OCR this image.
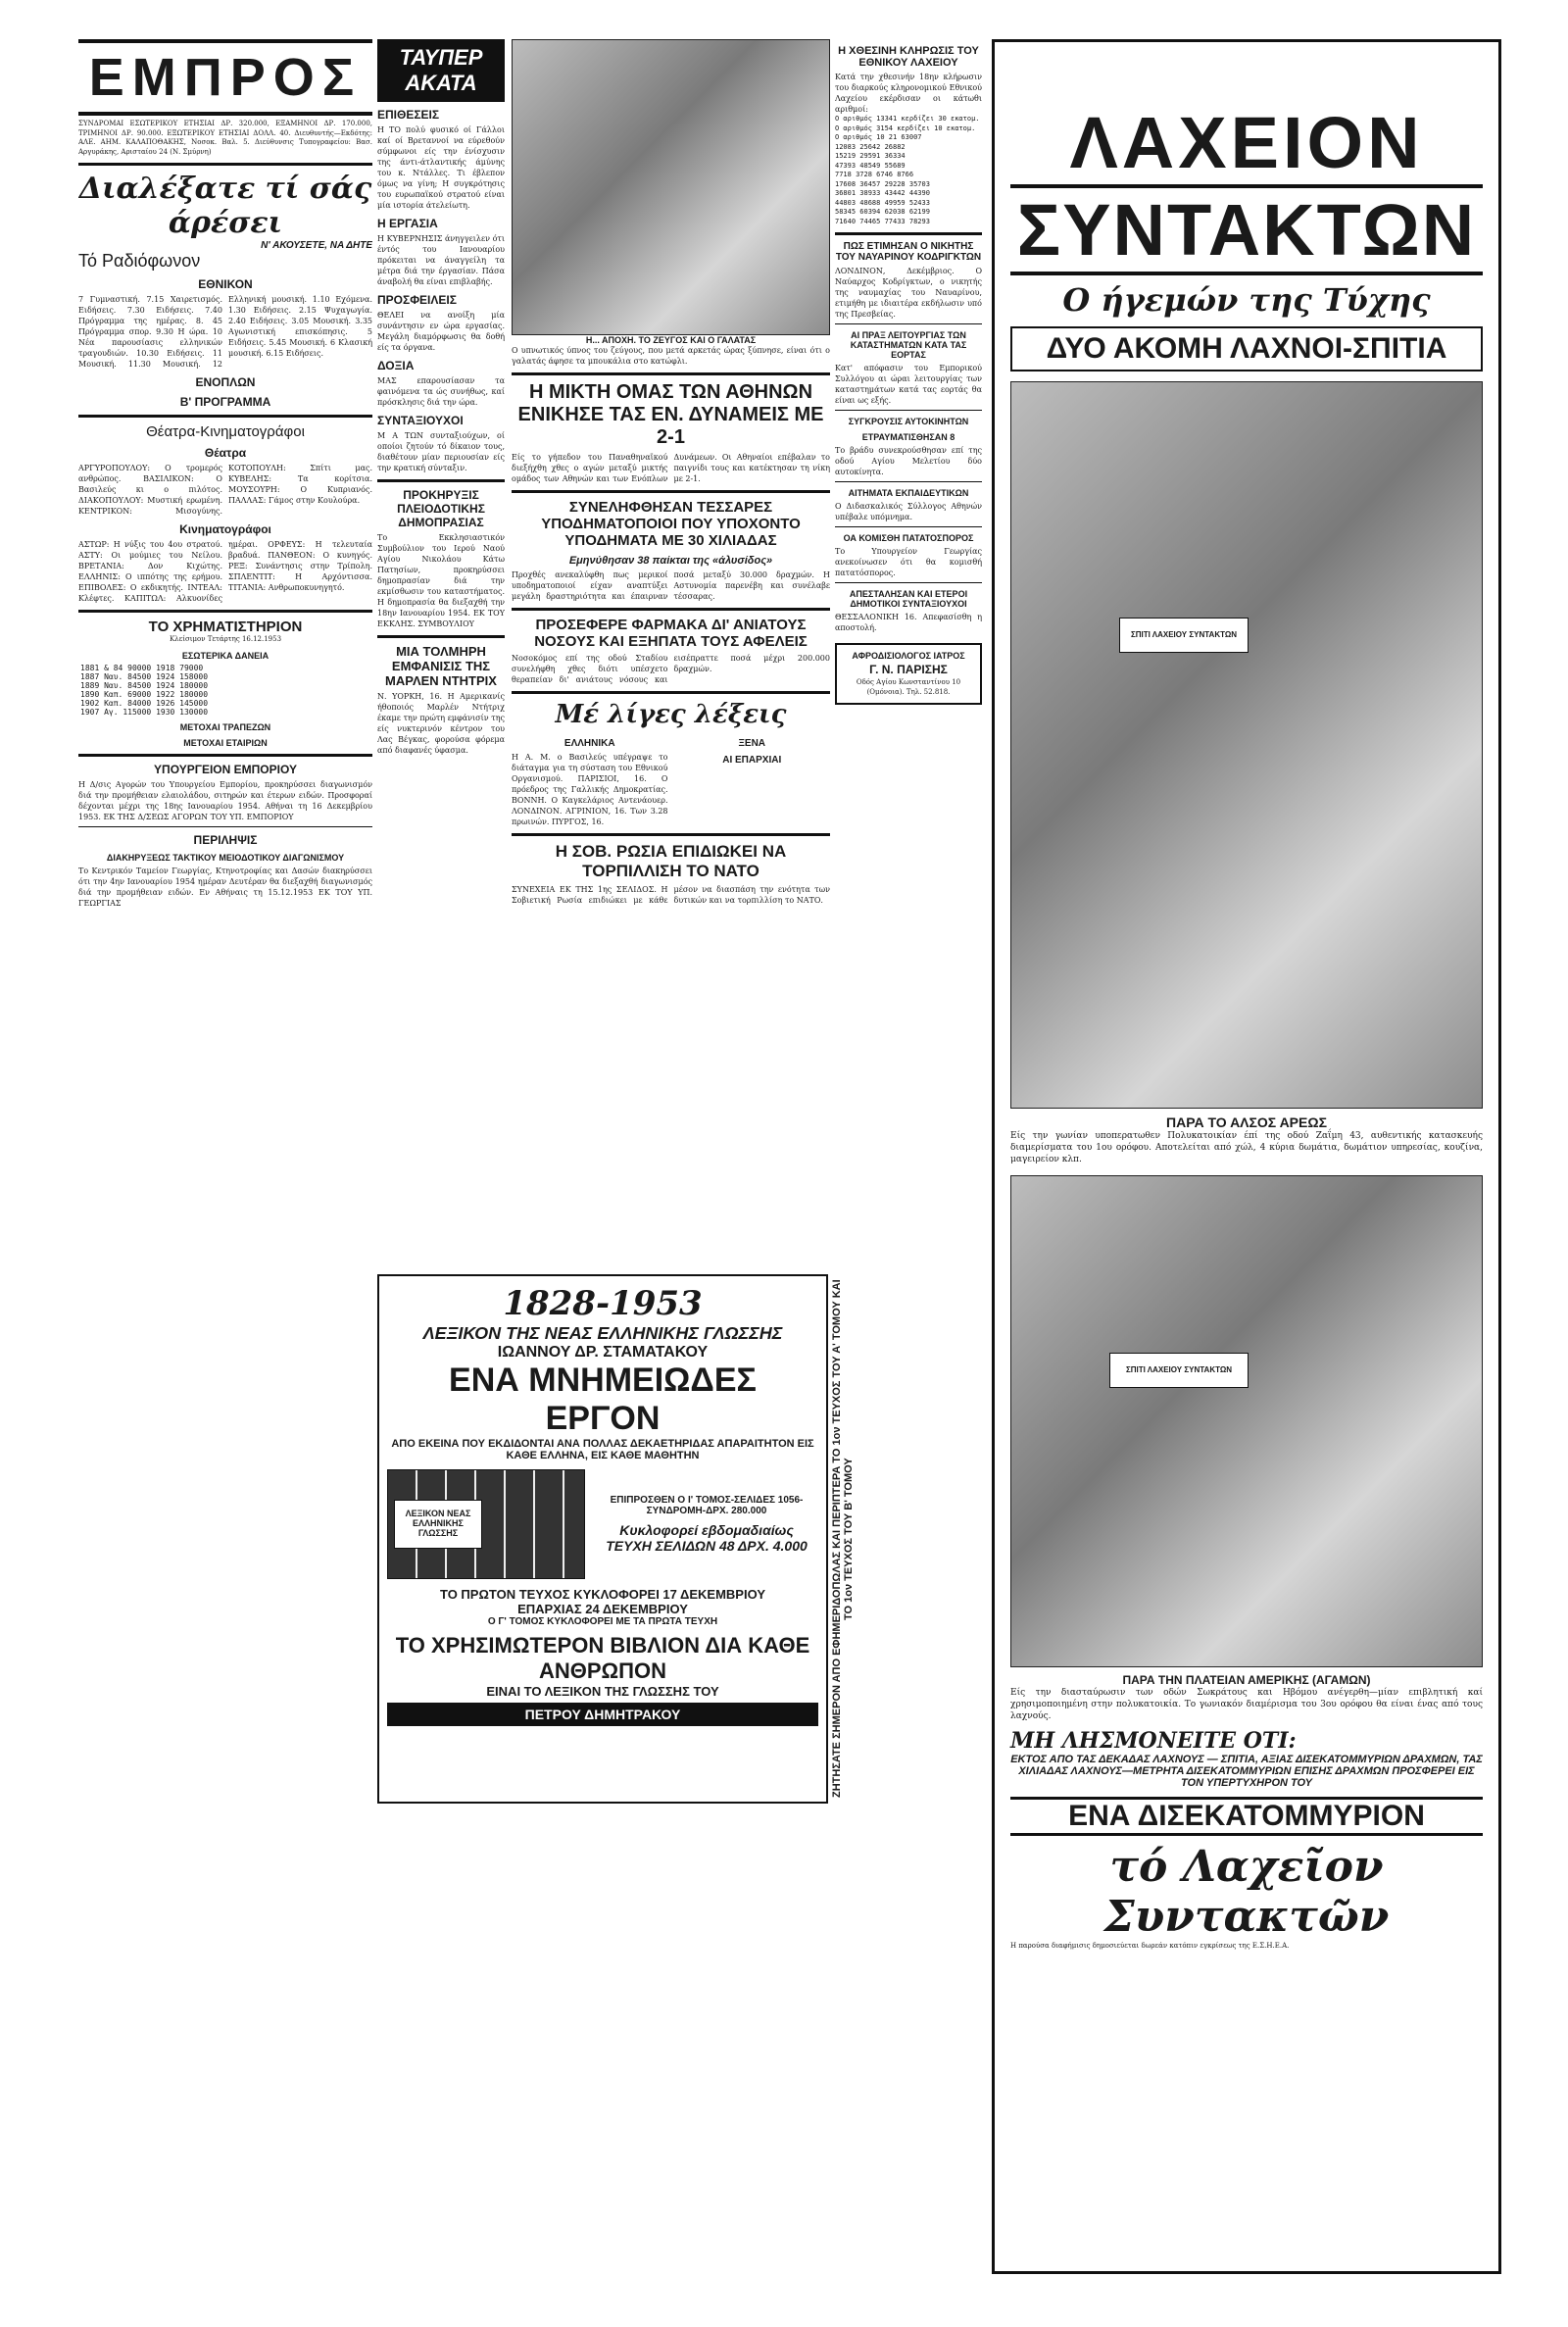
ΕΜΠΡΟΣ
ΣΥΝΔΡΟΜΑΙ ΕΣΩΤΕΡΙΚΟΥ ΕΤΗΣΙΑΙ ΔΡ. 320.000, ΕΞΑΜΗΝΟΙ ΔΡ. 170.000, ΤΡΙΜΗΝΟΙ ΔΡ. 90.000. ΕΞΩΤΕΡΙΚΟΥ ΕΤΗΣΙΑΙ ΔΟΛΛ. 40. Διευθυντής—Εκδότης: ΑΛΕ. ΑΗΜ. ΚΑΛΑΠΟΘΑΚΗΣ, Νοσοκ. Βαλ. 5. Διεύθυνσις Τυπογραφείου: Βασ. Αργυράκης, Αρισταίου 24 (Ν. Σμύρνη)
Διαλέξατε τί σάς άρέσει
Ν' ΑΚΟΥΣΕΤΕ, ΝΑ ΔΗΤΕ
Τό Ραδιόφωνον
ΕΘΝΙΚΟΝ
7 Γυμναστική. 7.15 Χαιρετισμός. Ειδήσεις. 7.30 Ειδήσεις. 7.40 Πρόγραμμα της ημέρας. 8. 45 Πρόγραμμα σπορ. 9.30 Η ώρα. 10 Νέα παρουσίασις ελληνικών τραγουδιών. 10.30 Ειδήσεις. 11 Μουσική. 11.30 Μουσική. 12 Ελληνική μουσική. 1.10 Εχόμενα. 1.30 Ειδήσεις. 2.15 Ψυχαγωγία. 2.40 Ειδήσεις. 3.05 Μουσική. 3.35 Αγωνιστική επισκόπησις. 5 Ειδήσεις. 5.45 Μουσική. 6 Κλασική μουσική. 6.15 Ειδήσεις.
ΕΝΟΠΛΩΝ
Β' ΠΡΟΓΡΑΜΜΑ
Θέατρα-Κινηματογράφοι
Θέατρα
ΑΡΓΥΡΟΠΟΥΛΟΥ: Ο τρομερός ανθρώπος. ΒΑΣΙΛΙΚΟΝ: Ο Βασιλεύς κι ο πιλότος. ΔΙΑΚΟΠΟΥΛΟΥ: Μυστική ερωμένη. ΚΕΝΤΡΙΚΟΝ: Μισογύνης. ΚΟΤΟΠΟΥΛΗ: Σπίτι μας. ΚΥΒΕΛΗΣ: Τα κορίτσια. ΜΟΥΣΟΥΡΗ: Ο Κυπριανός. ΠΑΛΛΑΣ: Γάμος στην Κουλούρα.
Κινηματογράφοι
ΑΣΤΩΡ: Η νύξις του 4ου στρατού. ΑΣΤΥ: Οι μούμιες του Νείλου. ΒΡΕΤΑΝΙΑ: Δον Κιχώτης. ΕΛΛΗΝΙΣ: Ο ιππότης της ερήμου. ΕΠΙΒΟΛΕΣ: Ο εκδικητής. ΙΝΤΕΑΛ: Κλέφτες. ΚΑΠΙΤΩΛ: Αλκυονίδες ημέραι. ΟΡΦΕΥΣ: Η τελευταία βραδυά. ΠΑΝΘΕΟΝ: Ο κυνηγός. ΡΕΞ: Συνάντησις στην Τρίπολη. ΣΠΛΕΝΤΙΤ: Η Αρχόντισσα. ΤΙΤΑΝΙΑ: Ανθρωποκυνηγητό.
ΤΟ ΧΡΗΜΑΤΙΣΤΗΡΙΟΝ
Κλείσιμον Τετάρτης 16.12.1953
ΕΣΩΤΕΡΙΚΑ ΔΑΝΕΙΑ
1881 & 84 90000 1918 79000
1887 Ναυ. 84500 1924 158000
1889 Ναυ. 84500 1924 180000
1890 Καπ. 69000 1922 180000
1902 Καπ. 84000 1926 145000
1907 Αγ. 115000 1930 130000
ΜΕΤΟΧΑΙ ΤΡΑΠΕΖΩΝ
ΜΕΤΟΧΑΙ ΕΤΑΙΡΙΩΝ
ΥΠΟΥΡΓΕΙΟΝ ΕΜΠΟΡΙΟΥ
Η Δ/σις Αγορών του Υπουργείου Εμπορίου, προκηρύσσει διαγωνισμόν διά την προμήθειαν ελαιολάδου, σιτηρών και έτερων ειδών. Προσφοραί δέχονται μέχρι της 18ης Ιανουαρίου 1954. Αθήναι τη 16 Δεκεμβρίου 1953. ΕΚ ΤΗΣ Δ/ΣΕΩΣ ΑΓΟΡΩΝ ΤΟΥ ΥΠ. ΕΜΠΟΡΙΟΥ
ΠΕΡΙΛΗΨΙΣ
ΔΙΑΚΗΡΥΞΕΩΣ ΤΑΚΤΙΚΟΥ ΜΕΙΟΔΟΤΙΚΟΥ ΔΙΑΓΩΝΙΣΜΟΥ
Το Κεντρικόν Ταμείον Γεωργίας, Κτηνοτροφίας και Δασών διακηρύσσει ότι την 4ην Ιανουαρίου 1954 ημέραν Δευτέραν θα διεξαχθή διαγωνισμός διά την προμήθειαν ειδών. Εν Αθήναις τη 15.12.1953 ΕΚ ΤΟΥ ΥΠ. ΓΕΩΡΓΙΑΣ
ΤΑΥΠΕΡ ΑΚΑΤΑ
ΕΠΙΘΕΣΕΙΣ
Η ΤΟ πολύ φυσικό οί Γάλλοι καί οί Βρεταννοί να εύρεθούν σύμφωνοι είς την ένίσχυσιν της άντι-άτλαντικής άμύνης του κ. Ντάλλες. Τι έβλεπον όμως να γίνη; Η συγκρότησις του ευρωπαϊκού στρατού είναι μία ιστορία άτελείωτη.
Η ΕΡΓΑΣΙΑ
Η ΚΥΒΕΡΝΗΣΙΣ άνηγγειλεν ότι έντός του Ιανουαρίου πρόκειται να άναγγείλη τα μέτρα διά την έργασίαν. Πάσα άναβολή θα είναι επιβλαβής.
ΠΡΟΣΦΕΙΛΕΙΣ
ΘΕΛΕΙ να ανοίξη μία συνάντησιν εν ώρα εργασίας. Μεγάλη διαμόρφωσις θα δοθή είς τα όργανα.
ΔΟΞΙΑ
ΜΑΣ επαρουσίασαν τα φαινόμενα τα ώς συνήθως, καί πρόσκλησις διά την ώρα.
ΣΥΝΤΑΞΙΟΥΧΟΙ
Μ Α ΤΩΝ συνταξιούχων, οί οποίοι ζητούν τό δίκαιον τους, διαθέτουν μίαν περιουσίαν είς την κρατική σύνταξιν.
ΠΡΟΚΗΡΥΞΙΣ ΠΛΕΙΟΔΟΤΙΚΗΣ ΔΗΜΟΠΡΑΣΙΑΣ
Το Εκκλησιαστικόν Συμβούλιον του Ιερού Ναού Αγίου Νικολάου Κάτω Πατησίων, προκηρύσσει δημοπρασίαν διά την εκμίσθωσιν του καταστήματος. Η δημοπρασία θα διεξαχθή την 18ην Ιανουαρίου 1954. ΕΚ ΤΟΥ ΕΚΚΛΗΣ. ΣΥΜΒΟΥΛΙΟΥ
ΜΙΑ ΤΟΛΜΗΡΗ ΕΜΦΑΝΙΣΙΣ ΤΗΣ ΜΑΡΛΕΝ ΝΤΗΤΡΙΧ
Ν. ΥΟΡΚΗ, 16. Η Αμερικανίς ήθοποιός Μαρλέν Ντήτριχ έκαμε την πρώτη εμφάνισίν της είς νυκτερινόν κέντρον του Λας Βέγκας, φορούσα φόρεμα από διαφανές ύφασμα.
Η... ΑΠΟΧΗ. ΤΟ ΖΕΥΓΟΣ ΚΑΙ Ο ΓΑΛΑΤΑΣ
Ο υπνωτικός ύπνος του ζεύγους, που μετά αρκετάς ώρας ξύπνησε, είναι ότι ο γαλατάς άφησε τα μπουκάλια στο κατώφλι.
Η ΜΙΚΤΗ ΟΜΑΣ ΤΩΝ ΑΘΗΝΩΝ ΕΝΙΚΗΣΕ ΤΑΣ ΕΝ. ΔΥΝΑΜΕΙΣ ΜΕ 2-1
Είς το γήπεδον του Παναθηναϊκού διεξήχθη χθες ο αγών μεταξύ μικτής ομάδος των Αθηνών και των Ενόπλων Δυνάμεων. Οι Αθηναίοι επέβαλαν το παιγνίδι τους και κατέκτησαν τη νίκη με 2-1.
ΣΥΝΕΛΗΦΘΗΣΑΝ ΤΕΣΣΑΡΕΣ ΥΠΟΔΗΜΑΤΟΠΟΙΟΙ ΠΟΥ ΥΠΟΧΟΝΤΟ ΥΠΟΔΗΜΑΤΑ ΜΕ 30 ΧΙΛΙΑΔΑΣ
Εμηνύθησαν 38 παίκται της «άλυσίδος»
Προχθές ανεκαλύφθη πως μερικοί υποδηματοποιοί είχαν αναπτύξει μεγάλη δραστηριότητα και έπαιρναν ποσά μεταξύ 30.000 δραχμών. Η Αστυνομία παρενέβη και συνέλαβε τέσσαρας.
ΠΡΟΣΕΦΕΡΕ ΦΑΡΜΑΚΑ ΔΙ' ΑΝΙΑΤΟΥΣ ΝΟΣΟΥΣ ΚΑΙ ΕΞΗΠΑΤΑ ΤΟΥΣ ΑΦΕΛΕΙΣ
Νοσοκόμος επί της οδού Σταδίου συνελήφθη χθες διότι υπέσχετο θεραπείαν δι' ανιάτους νόσους και εισέπραττε ποσά μέχρι 200.000 δραχμών.
Μέ λίγες λέξεις
ΕΛΛΗΝΙΚΑ
Η Α. Μ. ο Βασιλεύς υπέγραψε το διάταγμα για τη σύσταση του Εθνικού Οργανισμού. ΠΑΡΙΣΙΟΙ, 16. Ο πρόεδρος της Γαλλικής Δημοκρατίας. ΒΟΝΝΗ. Ο Καγκελάριος Αντενάουερ. ΛΟΝΔΙΝΟΝ. ΑΓΡΙΝΙΟΝ, 16. Των 3.28 πρωινών. ΠΥΡΓΟΣ, 16.
ΞΕΝΑ
ΑΙ ΕΠΑΡΧΙΑΙ
Η ΣΟΒ. ΡΩΣΙΑ ΕΠΙΔΙΩΚΕΙ ΝΑ ΤΟΡΠΙΛΛΙΣΗ ΤΟ ΝΑΤΟ
ΣΥΝΕΧΕΙΑ ΕΚ ΤΗΣ 1ης ΣΕΛΙΔΟΣ. Η Σοβιετική Ρωσία επιδιώκει με κάθε μέσον να διασπάση την ενότητα των δυτικών και να τορπιλλίση το ΝΑΤΟ.
1828-1953
ΛΕΞΙΚΟΝ ΤΗΣ ΝΕΑΣ ΕΛΛΗΝΙΚΗΣ ΓΛΩΣΣΗΣ
ΙΩΑΝΝΟΥ ΔΡ. ΣΤΑΜΑΤΑΚΟΥ
ΕΝΑ ΜΝΗΜΕΙΩΔΕΣ ΕΡΓΟΝ
ΑΠΟ ΕΚΕΙΝΑ ΠΟΥ ΕΚΔΙΔΟΝΤΑΙ ΑΝΑ ΠΟΛΛΑΣ ΔΕΚΑΕΤΗΡΙΔΑΣ ΑΠΑΡΑΙΤΗΤΟΝ ΕΙΣ ΚΑΘΕ ΕΛΛΗΝΑ, ΕΙΣ ΚΑΘΕ ΜΑΘΗΤΗΝ
ΛΕΞΙΚΟΝ ΝΕΑΣ ΕΛΛΗΝΙΚΗΣ ΓΛΩΣΣΗΣ
ΕΠΙΠΡΟΣΘΕΝ Ο Ι' ΤΟΜΟΣ-ΣΕΛΙΔΕΣ 1056-ΣΥΝΔΡΟΜΗ-ΔΡΧ. 280.000
Κυκλοφορεί εβδομαδιαίως ΤΕΥΧΗ ΣΕΛΙΔΩΝ 48 ΔΡΧ. 4.000
ΤΟ ΠΡΩΤΟΝ ΤΕΥΧΟΣ ΚΥΚΛΟΦΟΡΕΙ 17 ΔΕΚΕΜΒΡΙΟΥ
ΕΠΑΡΧΙΑΣ 24 ΔΕΚΕΜΒΡΙΟΥ
Ο Γ' ΤΟΜΟΣ ΚΥΚΛΟΦΟΡΕΙ ΜΕ ΤΑ ΠΡΩΤΑ ΤΕΥΧΗ
ΤΟ ΧΡΗΣΙΜΩΤΕΡΟΝ ΒΙΒΛΙΟΝ ΔΙΑ ΚΑΘΕ ΑΝΘΡΩΠΟΝ
ΕΙΝΑΙ ΤΟ ΛΕΞΙΚΟΝ ΤΗΣ ΓΛΩΣΣΗΣ ΤΟΥ
ΠΕΤΡΟΥ ΔΗΜΗΤΡΑΚΟΥ	ΖΗΤΗΣΑΤΕ ΣΗΜΕΡΟΝ ΑΠΟ ΕΦΗΜΕΡΙΔΟΠΩΛΑΣ ΚΑΙ ΠΕΡΙΠΤΕΡΑ ΤΟ 1ον ΤΕΥΧΟΣ ΤΟΥ Α' ΤΟΜΟΥ ΚΑΙ ΤΟ 1ον ΤΕΥΧΟΣ ΤΟΥ Β' ΤΟΜΟΥ
Η ΧΘΕΣΙΝΗ ΚΛΗΡΩΣΙΣ ΤΟΥ ΕΘΝΙΚΟΥ ΛΑΧΕΙΟΥ
Κατά την χθεσινήν 18ην κλήρωσιν του διαρκούς κληρονομικού Εθνικού Λαχείου εκέρδισαν οι κάτωθι αριθμοί:
Ο αριθμός 13341 κερδίζει 30 εκατομ.
Ο αριθμός 3154 κερδίζει 10 εκατομ.
Ο αριθμός 10 21 63007
12083 25642 26882
15219 29591 36334
47393 48549 55689
7718 3728 6746 8766
17608 36457 29228 35703
36801 38933 43442 44390
44803 48688 49959 52433
58345 60394 62038 62199
71640 74465 77433 78293
ΠΩΣ ΕΤΙΜΗΣΑΝ Ο ΝΙΚΗΤΗΣ ΤΟΥ ΝΑΥΑΡΙΝΟΥ ΚΟΔΡΙΓΚΤΩΝ
ΛΟΝΔΙΝΟΝ, Δεκέμβριος. Ο Ναύαρχος Κοδρίγκτων, ο νικητής της ναυμαχίας του Ναυαρίνου, ετιμήθη με ιδιαιτέρα εκδήλωσιν υπό της Πρεσβείας.
ΑΙ ΠΡΑΞ ΛΕΙΤΟΥΡΓΙΑΣ ΤΩΝ ΚΑΤΑΣΤΗΜΑΤΩΝ ΚΑΤΑ ΤΑΣ ΕΟΡΤΑΣ
Κατ' απόφασιν του Εμπορικού Συλλόγου αι ώραι λειτουργίας των καταστημάτων κατά τας εορτάς θα είναι ως εξής.
ΣΥΓΚΡΟΥΣΙΣ ΑΥΤΟΚΙΝΗΤΩΝ
ΕΤΡΑΥΜΑΤΙΣΘΗΣΑΝ 8
Το βράδυ συνεκρούσθησαν επί της οδού Αγίου Μελετίου δύο αυτοκίνητα.
ΑΙΤΗΜΑΤΑ ΕΚΠΑΙΔΕΥΤΙΚΩΝ
Ο Διδασκαλικός Σύλλογος Αθηνών υπέβαλε υπόμνημα.
ΟΑ ΚΟΜΙΣΘΗ ΠΑΤΑΤΟΣΠΟΡΟΣ
Το Υπουργείον Γεωργίας ανεκοίνωσεν ότι θα κομισθή πατατόσπορος.
ΑΠΕΣΤΑΛΗΣΑΝ ΚΑΙ ΕΤΕΡΟΙ ΔΗΜΟΤΙΚΟΙ ΣΥΝΤΑΞΙΟΥΧΟΙ
ΘΕΣΣΑΛΟΝΙΚΗ 16. Απεφασίσθη η αποστολή.
ΑΦΡΟΔΙΣΙΟΛΟΓΟΣ ΙΑΤΡΟΣ
Γ. Ν. ΠΑΡΙΣΗΣ
Οδός Αγίου Κωνσταντίνου 10 (Ομόνοια). Τηλ. 52.818.
ΛΑΧΕΙΟΝ
ΣΥΝΤΑΚΤΩΝ
Ο ήγεμών της Τύχης
ΔΥΟ ΑΚΟΜΗ ΛΑΧΝΟΙ-ΣΠΙΤΙΑ
ΣΠΙΤΙ ΛΑΧΕΙΟΥ ΣΥΝΤΑΚΤΩΝ
ΠΑΡΑ ΤΟ ΑΛΣΟΣ ΑΡΕΩΣ
Είς την γωνίαν υποπερατωθεν Πολυκατοικίαν έπί της οδού Ζαΐμη 43, αυθεντικής κατασκευής διαμερίσματα του 1ου ορόφου. Αποτελείται από χώλ, 4 κύρια δωμάτια, δωμάτιον υπηρεσίας, κουζίνα, μαγειρείον κλπ.
ΣΠΙΤΙ ΛΑΧΕΙΟΥ ΣΥΝΤΑΚΤΩΝ
ΠΑΡΑ ΤΗΝ ΠΛΑΤΕΙΑΝ ΑΜΕΡΙΚΗΣ (ΑΓΑΜΩΝ)
Είς την διασταύρωσιν των οδών Σωκράτους και Ηβόμου ανέγερθη—μίαν επιβλητική καί χρησιμοποιημένη στην πολυκατοικία. Το γωνιακόν διαμέρισμα του 3ου ορόφου θα είναι ένας από τους λαχνούς.
ΜΗ ΛΗΣΜΟΝΕΙΤΕ ΟΤΙ:
ΕΚΤΟΣ ΑΠΟ ΤΑΣ ΔΕΚΑΔΑΣ ΛΑΧΝΟΥΣ — ΣΠΙΤΙΑ, ΑΞΙΑΣ ΔΙΣΕΚΑΤΟΜΜΥΡΙΩΝ ΔΡΑΧΜΩΝ, ΤΑΣ ΧΙΛΙΑΔΑΣ ΛΑΧΝΟΥΣ—ΜΕΤΡΗΤΑ ΔΙΣΕΚΑΤΟΜΜΥΡΙΩΝ ΕΠΙΣΗΣ ΔΡΑΧΜΩΝ ΠΡΟΣΦΕΡΕΙ ΕΙΣ ΤΟΝ ΥΠΕΡΤΥΧΗΡΟΝ ΤΟΥ
ΕΝΑ ΔΙΣΕΚΑΤΟΜΜΥΡΙΟΝ
τό Λαχεῖον Συντακτῶν
Η παρούσα διαφήμισις δημοσιεύεται δωρεάν κατόπιν εγκρίσεως της Ε.Σ.Η.Ε.Α.
